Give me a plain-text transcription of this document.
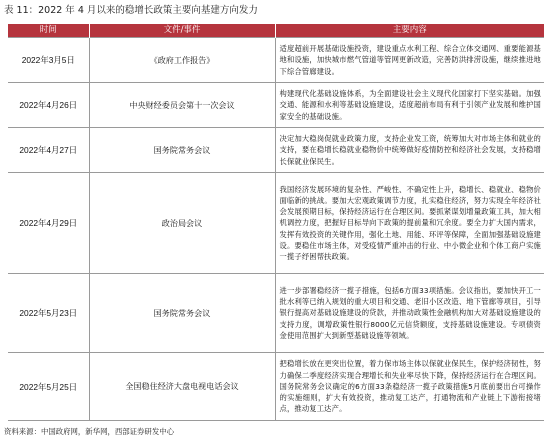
表 11：2022 年 4 月以来的稳增长政策主要向基建方向发力
时间	文件/事件	主要内容
2022年3月5日	《政府工作报告》	适度超前开展基础设施投资，建设重点水利工程、综合立体交通网、重要能源基地和设施，加快城市燃气管道等管网更新改造，完善防洪排涝设施，继续推进地下综合管廊建设。
2022年4月26日	中央财经委员会第十一次会议	构建现代化基础设施体系，为全面建设社会主义现代化国家打下坚实基础。加强交通、能源和水利等基础设施建设，适度超前布局有利于引领产业发展和维护国家安全的基础设施。
2022年4月27日	国务院常务会议	决定加大稳岗促就业政策力度，支持企业发工资，统筹加大对市场主体和就业的支持，要在稳增长稳就业稳物价中统筹做好疫情防控和经济社会发展，支持稳增长保就业保民生。
2022年4月29日	政治局会议	我国经济发展环境的复杂性、严峻性、不确定性上升，稳增长、稳就业、稳物价面临新的挑战。要加大宏观政策调节力度，扎实稳住经济，努力实现全年经济社会发展预期目标，保持经济运行在合理区间。要抓紧谋划增量政策工具，加大相机调控力度，把握好目标导向下政策的提前量和冗余度。要全力扩大国内需求，发挥有效投资的关键作用，强化土地、用能、环评等保障，全面加强基础设施建设。要稳住市场主体，对受疫情严重冲击的行业、中小微企业和个体工商户实施一揽子纾困帮扶政策。
2022年5月23日	国务院常务会议	进一步部署稳经济一揽子措施，包括6方面33项措施。会议指出，要加快开工一批水利等已纳入规划的重大项目和交通、老旧小区改造、地下管廊等项目，引导银行提高对基础设施建设的贷款，并推动政策性金融机构加大对基础设施建设的支持力度，调增政策性银行8000亿元信贷额度，支持基础设施建设。专项债资金使用范围扩大到新型基础设施等领域。
2022年5月25日	全国稳住经济大盘电视电话会议	把稳增长放在更突出位置，着力保市场主体以保就业保民生，保护经济韧性，努力确保二季度经济实现合理增长和失业率尽快下降，保持经济运行在合理区间。国务院常务会议确定的6方面33条稳经济一揽子政策措施5月底前要出台可操作的实施细则，扩大有效投资，推动复工达产，打通物流和产业链上下游衔接堵点，推动复工达产。
资料来源：中国政府网，新华网，西部证券研发中心
